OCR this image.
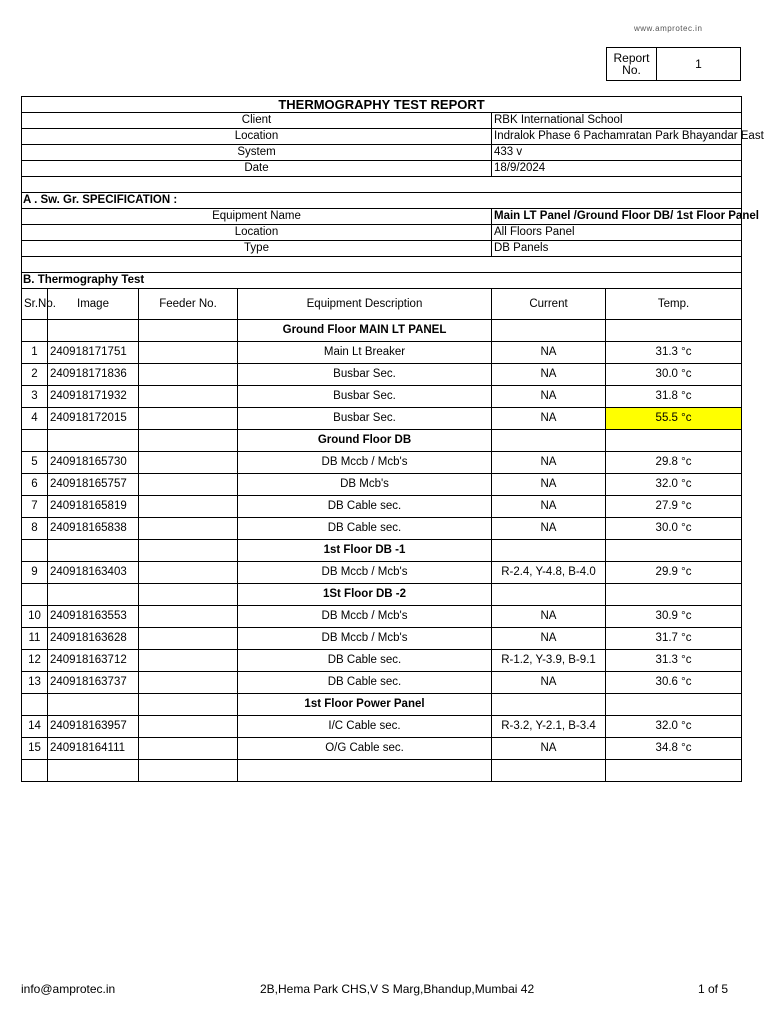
www.amprotec.in
Report No.	1
THERMOGRAPHY TEST REPORT					
Client				RBK International School	
Location				Indralok Phase 6 Pachamratan Park Bhayandar East	
System				433 v	
Date				18/9/2024	

A . Sw. Gr. SPECIFICATION :					
Equipment Name				Main LT Panel /Ground Floor DB/ 1st Floor Panel	
Location				All Floors Panel	
Type				DB Panels	

B. Thermography Test					
Sr.No.	Image	Feeder No.	Equipment Description	Current	Temp.
			Ground Floor MAIN LT PANEL		
1	240918171751		Main Lt Breaker	NA	31.3 °c
2	240918171836		Busbar Sec.	NA	30.0 °c
3	240918171932		Busbar Sec.	NA	31.8 °c
4	240918172015		Busbar Sec.	NA	55.5 °c
			Ground Floor DB		
5	240918165730		DB Mccb / Mcb's	NA	29.8 °c
6	240918165757		DB Mcb's	NA	32.0 °c
7	240918165819		DB Cable sec.	NA	27.9 °c
8	240918165838		DB Cable sec.	NA	30.0 °c
			1st Floor DB -1		
9	240918163403		DB Mccb / Mcb's	R-2.4, Y-4.8, B-4.0	29.9 °c
			1St Floor DB -2		
10	240918163553		DB Mccb / Mcb's	NA	30.9 °c
11	240918163628		DB Mccb / Mcb's	NA	31.7 °c
12	240918163712		DB Cable sec.	R-1.2, Y-3.9, B-9.1	31.3 °c
13	240918163737		DB Cable sec.	NA	30.6 °c
			1st Floor Power Panel		
14	240918163957		I/C Cable sec.	R-3.2, Y-2.1, B-3.4	32.0 °c
15	240918164111		O/G Cable sec.	NA	34.8 °c

info@amprotec.in	2B,Hema Park CHS,V S Marg,Bhandup,Mumbai 42	1 of 5
